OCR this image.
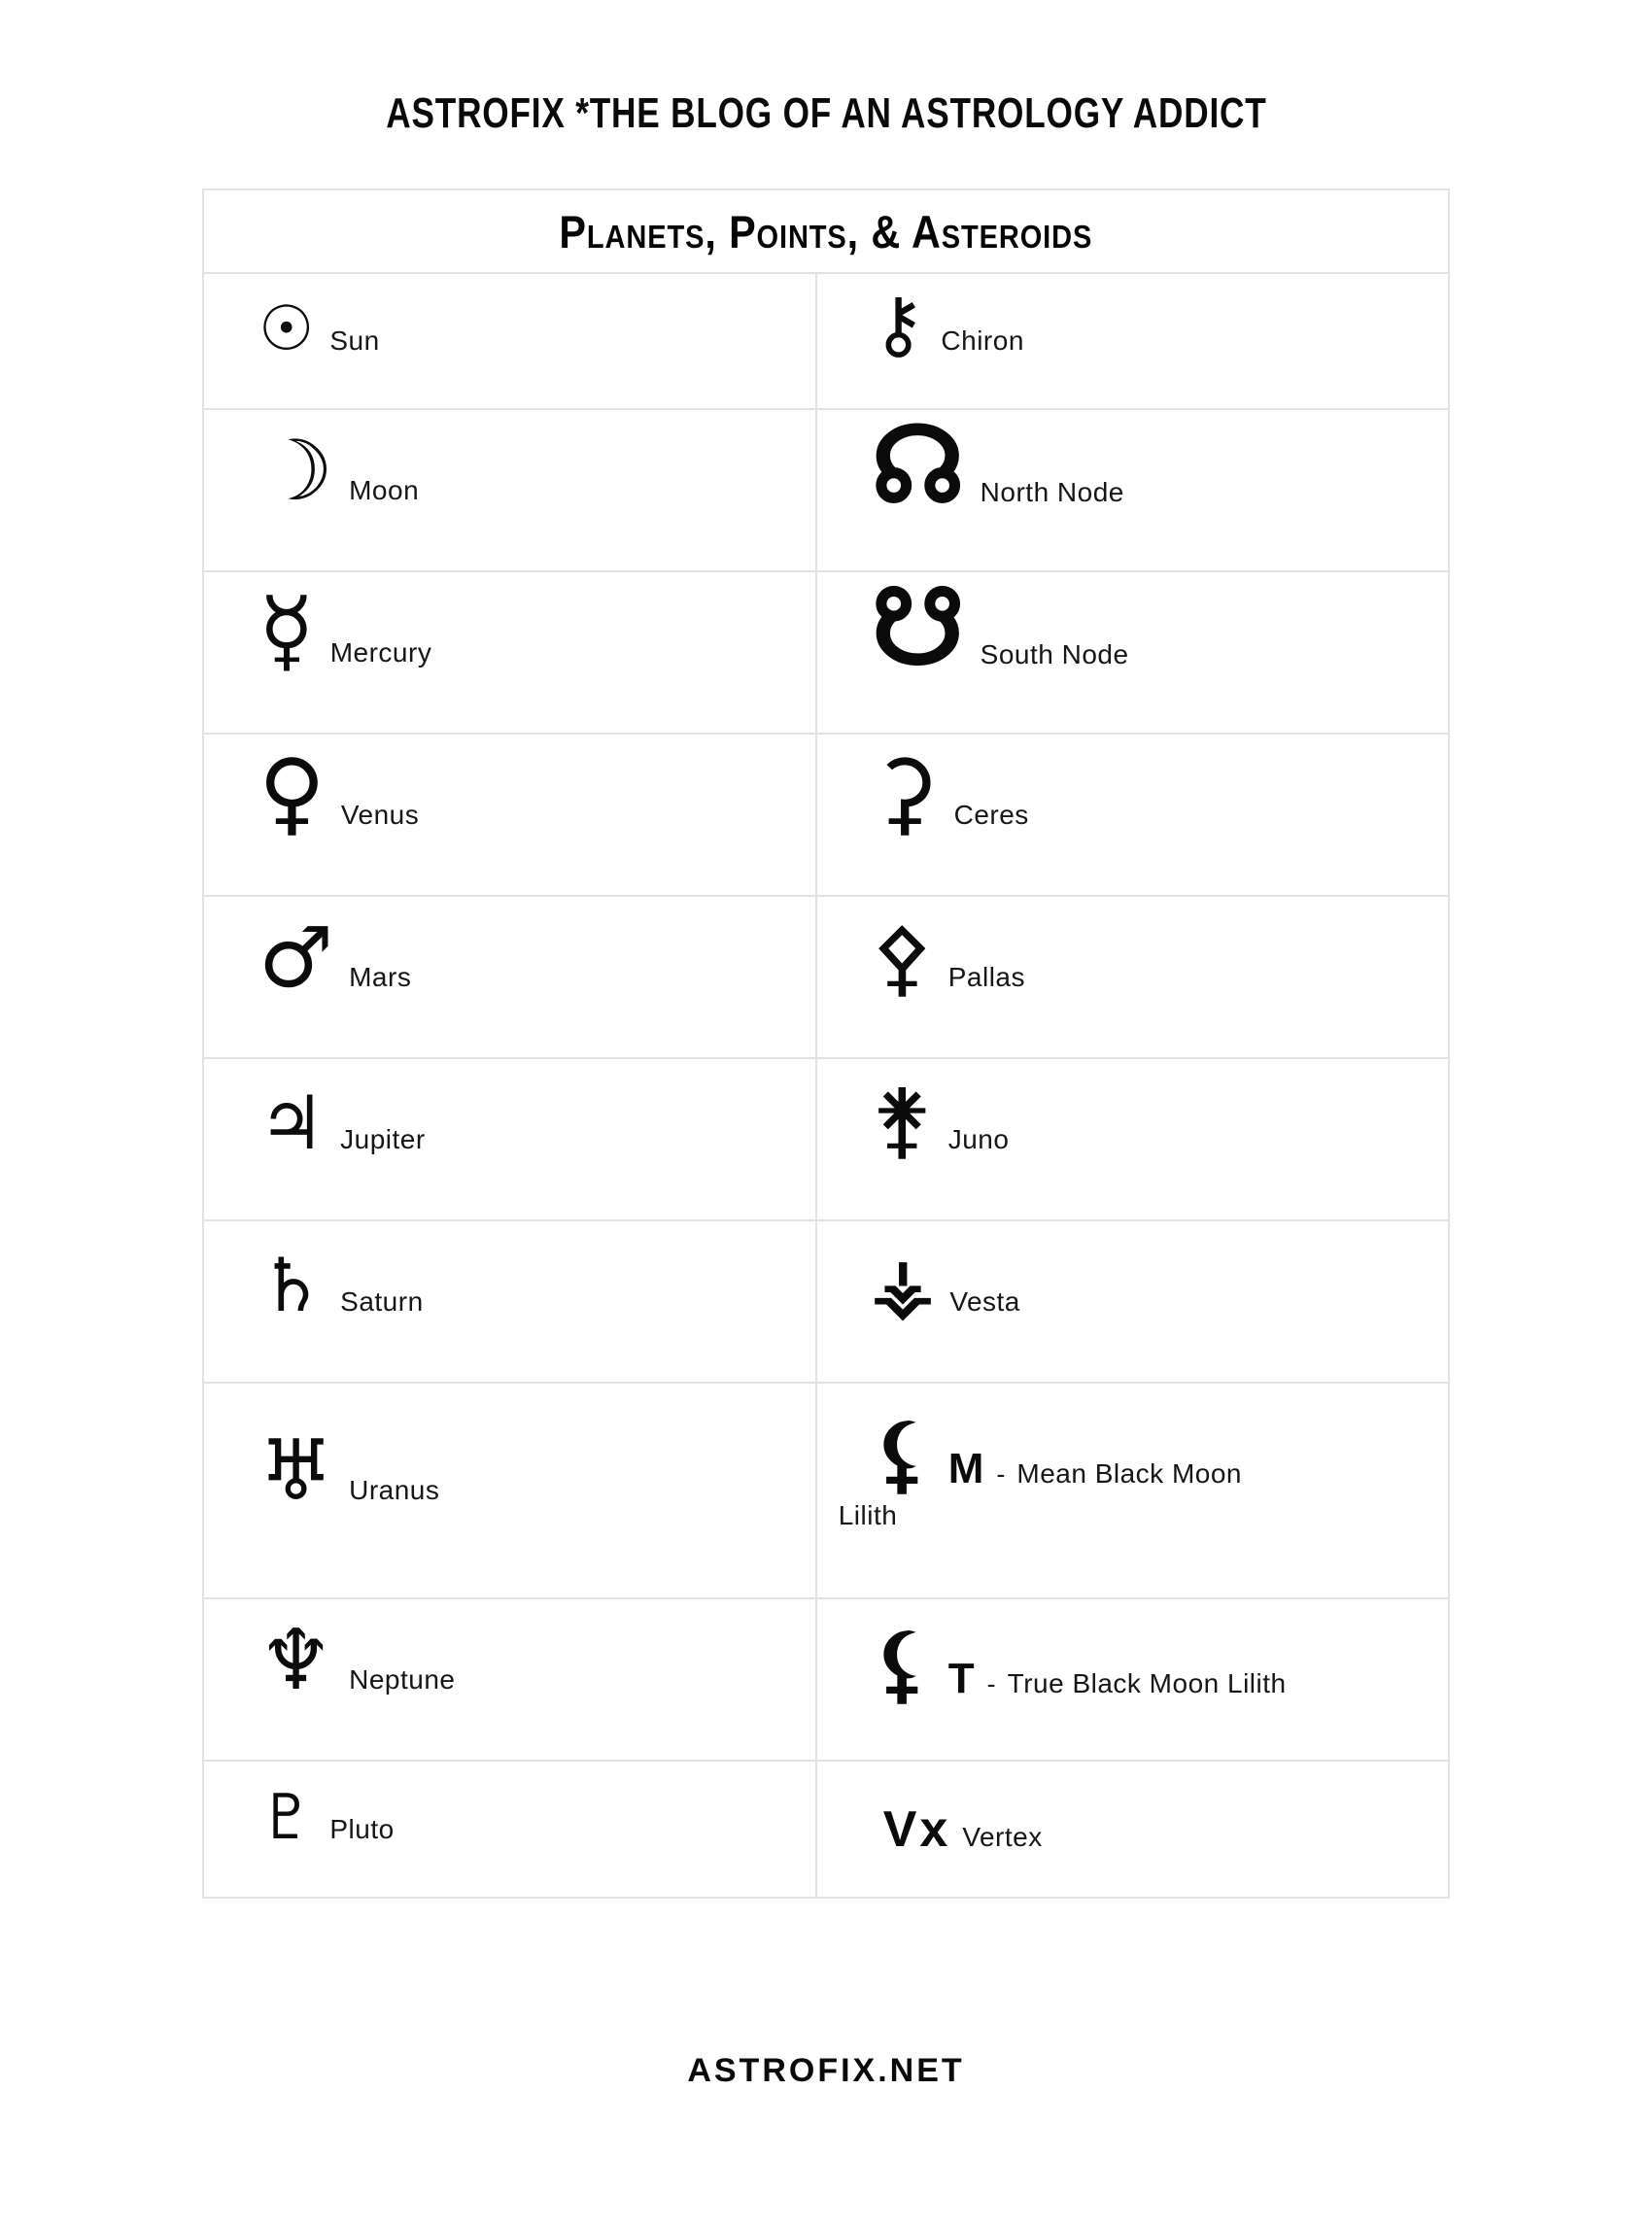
ASTROFIX *THE BLOG OF AN ASTROLOGY ADDICT
Planets, Points, & Asteroids	
☉ Sun	⚷ Chiron
☽ Moon	☊ North Node
☿ Mercury	☋ South Node
♀ Venus	⚳ Ceres
♂ Mars	⚴ Pallas
♃ Jupiter	⚵ Juno
♄ Saturn	⚶ Vesta
♅ Uranus	⚸ M - Mean Black Moon Lilith
♆ Neptune	⚸ T - True Black Moon Lilith
♇ Pluto	Vx Vertex
ASTROFIX.NET
